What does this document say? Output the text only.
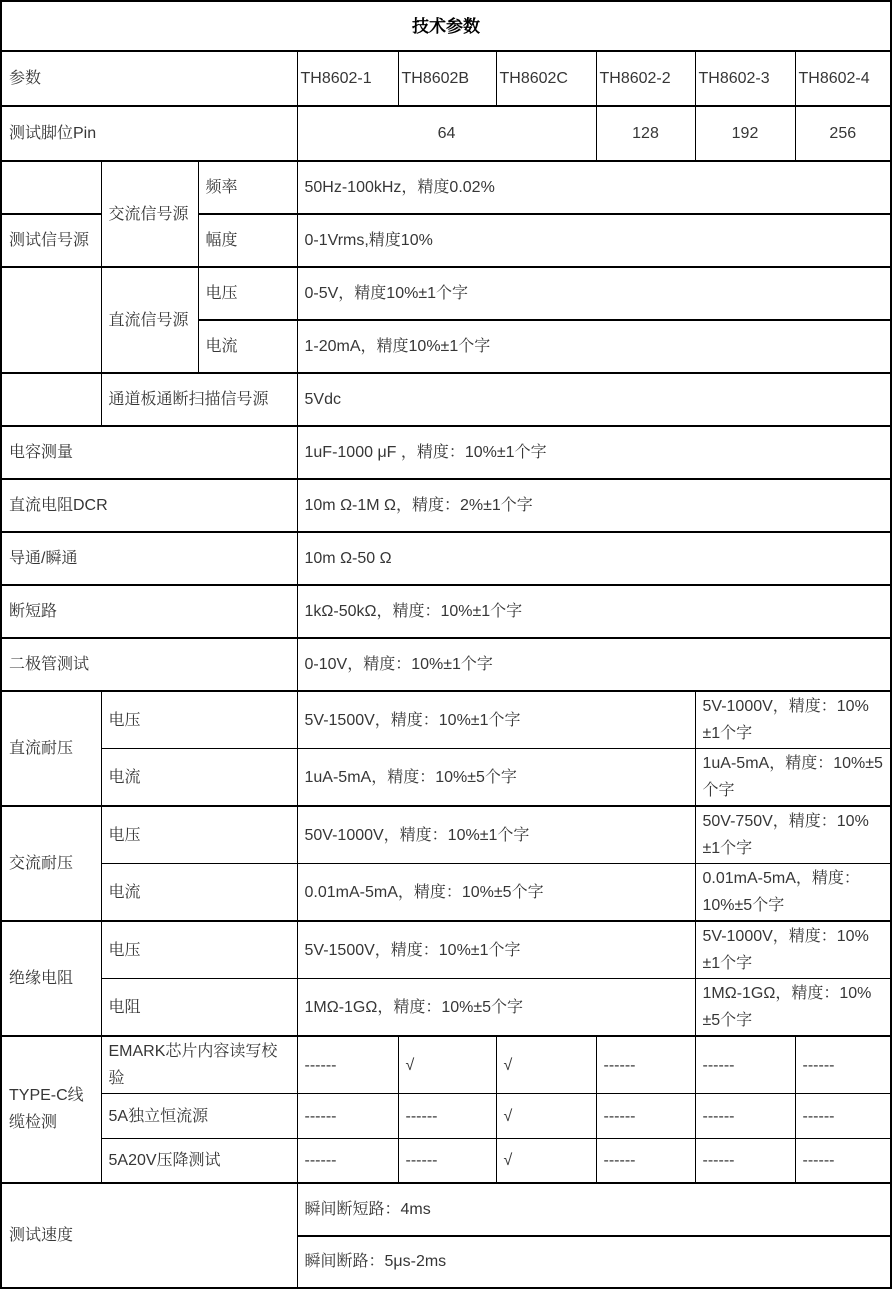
技术参数								
参数			TH8602-1	TH8602B	TH8602C	TH8602-2	TH8602-3	TH8602-4
测试脚位Pin			64			128	192	256
	交流信号源	频率	50Hz-100kHz，精度0.02%					
测试信号源		幅度	0-1Vrms,精度10%					
	直流信号源	电压	0-5V，精度10%±1个字					
		电流	1-20mA，精度10%±1个字					
	通道板通断扫描信号源		5Vdc					
电容测量			1uF-1000 μF ，精度：10%±1个字					
直流电阻DCR			10m Ω-1M Ω，精度：2%±1个字					
导通/瞬通			10m Ω-50 Ω					
断短路			1kΩ-50kΩ，精度：10%±1个字					
二极管测试			0-10V，精度：10%±1个字					
直流耐压	电压		5V-1500V，精度：10%±1个字				5V-1000V，精度：10%±1个字	
	电流		1uA-5mA，精度：10%±5个字				1uA-5mA，精度：10%±5个字	
交流耐压	电压		50V-1000V，精度：10%±1个字				50V-750V，精度：10%±1个字	
	电流		0.01mA-5mA，精度：10%±5个字				0.01mA-5mA，精度：10%±5个字	
绝缘电阻	电压		5V-1500V，精度：10%±1个字				5V-1000V，精度：10%±1个字	
	电阻		1MΩ-1GΩ，精度：10%±5个字				1MΩ-1GΩ，精度：10%±5个字	
TYPE-C线缆检测	EMARK芯片内容读写校验		------	√	√	------	------	------
	5A独立恒流源		------	------	√	------	------	------
	5A20V压降测试		------	------	√	------	------	------
测试速度			瞬间断短路：4ms					
			瞬间断路：5μs-2ms					
